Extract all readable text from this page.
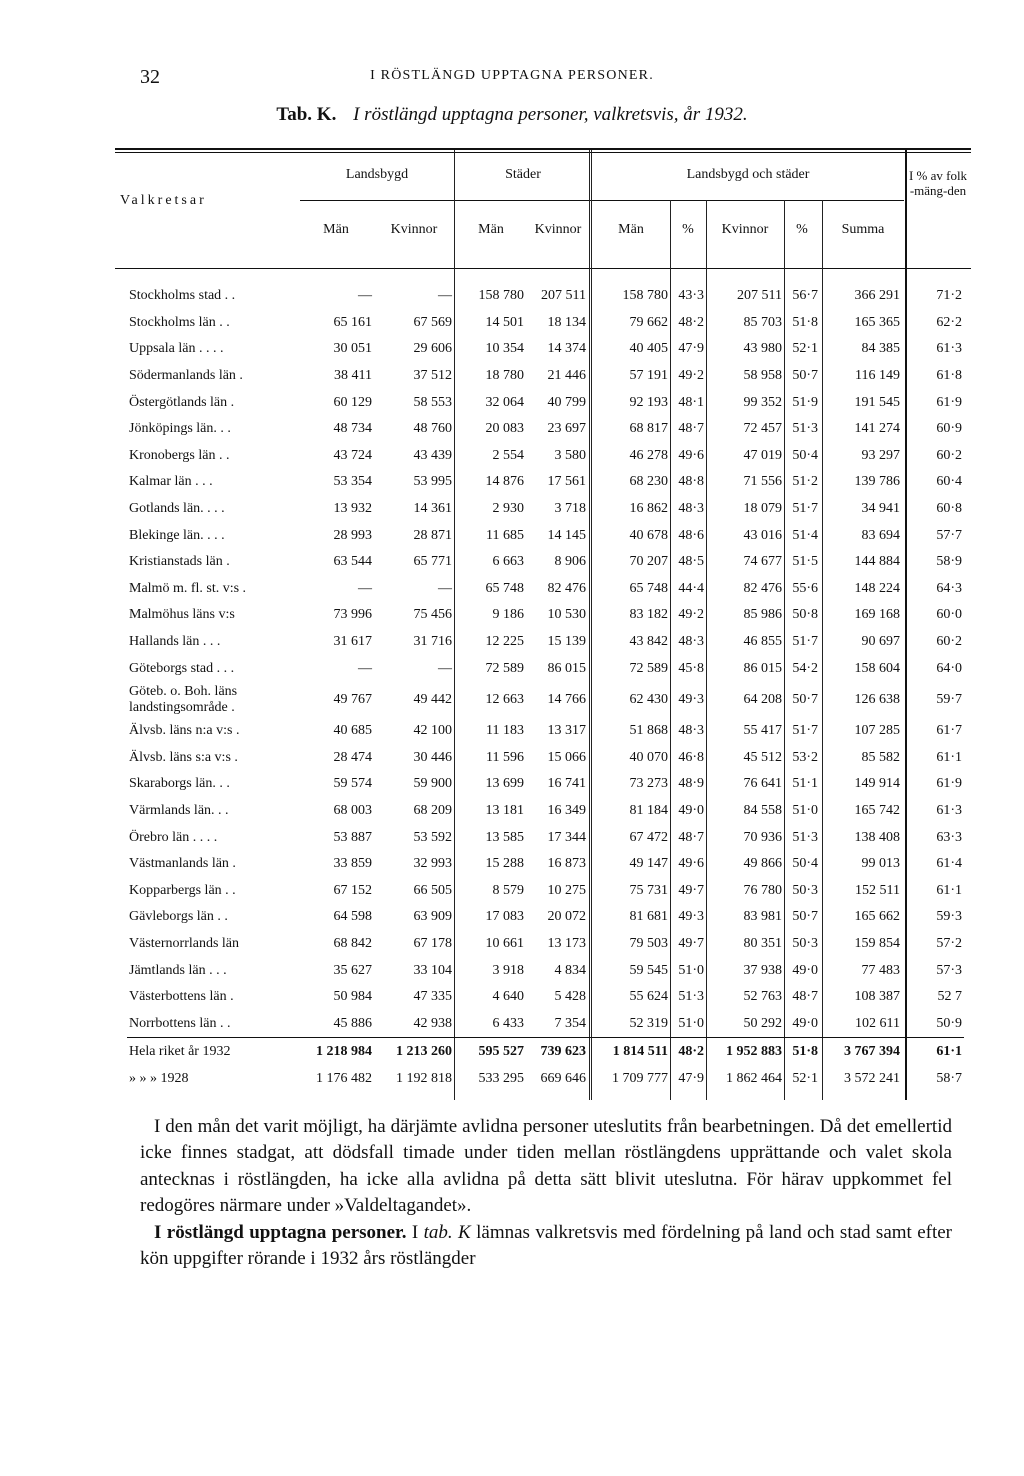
32	I RÖSTLÄNGD UPPTAGNA PERSONER.
Tab. K. I röstlängd upptagna personer, valkretsvis, år 1932.
Valkretsar
Landsbygd	Städer	Landsbygd och städer	I % av folk-mäng-den
Män	Kvinnor	Män	Kvinnor	Män	%	Kvinnor	%	Summa
Stockholms stad . .	—	—	158 780	207 511	158 780	43·3	207 511	56·7	366 291	71·2
Stockholms län . .	65 161	67 569	14 501	18 134	79 662	48·2	85 703	51·8	165 365	62·2
Uppsala län . . . .	30 051	29 606	10 354	14 374	40 405	47·9	43 980	52·1	84 385	61·3
Södermanlands län .	38 411	37 512	18 780	21 446	57 191	49·2	58 958	50·7	116 149	61·8
Östergötlands län .	60 129	58 553	32 064	40 799	92 193	48·1	99 352	51·9	191 545	61·9
Jönköpings län. . .	48 734	48 760	20 083	23 697	68 817	48·7	72 457	51·3	141 274	60·9
Kronobergs län . .	43 724	43 439	2 554	3 580	46 278	49·6	47 019	50·4	93 297	60·2
Kalmar län . . .	53 354	53 995	14 876	17 561	68 230	48·8	71 556	51·2	139 786	60·4
Gotlands län. . . .	13 932	14 361	2 930	3 718	16 862	48·3	18 079	51·7	34 941	60·8
Blekinge län. . . .	28 993	28 871	11 685	14 145	40 678	48·6	43 016	51·4	83 694	57·7
Kristianstads län .	63 544	65 771	6 663	8 906	70 207	48·5	74 677	51·5	144 884	58·9
Malmö m. fl. st. v:s .	—	—	65 748	82 476	65 748	44·4	82 476	55·6	148 224	64·3
Malmöhus läns v:s	73 996	75 456	9 186	10 530	83 182	49·2	85 986	50·8	169 168	60·0
Hallands län . . .	31 617	31 716	12 225	15 139	43 842	48·3	46 855	51·7	90 697	60·2
Göteborgs stad . . .	—	—	72 589	86 015	72 589	45·8	86 015	54·2	158 604	64·0
Göteb. o. Boh. läns landstingsområde .	49 767	49 442	12 663	14 766	62 430	49·3	64 208	50·7	126 638	59·7
Älvsb. läns n:a v:s .	40 685	42 100	11 183	13 317	51 868	48·3	55 417	51·7	107 285	61·7
Älvsb. läns s:a v:s .	28 474	30 446	11 596	15 066	40 070	46·8	45 512	53·2	85 582	61·1
Skaraborgs län. . .	59 574	59 900	13 699	16 741	73 273	48·9	76 641	51·1	149 914	61·9
Värmlands län. . .	68 003	68 209	13 181	16 349	81 184	49·0	84 558	51·0	165 742	61·3
Örebro län . . . .	53 887	53 592	13 585	17 344	67 472	48·7	70 936	51·3	138 408	63·3
Västmanlands län .	33 859	32 993	15 288	16 873	49 147	49·6	49 866	50·4	99 013	61·4
Kopparbergs län . .	67 152	66 505	8 579	10 275	75 731	49·7	76 780	50·3	152 511	61·1
Gävleborgs län . .	64 598	63 909	17 083	20 072	81 681	49·3	83 981	50·7	165 662	59·3
Västernorrlands län	68 842	67 178	10 661	13 173	79 503	49·7	80 351	50·3	159 854	57·2
Jämtlands län . . .	35 627	33 104	3 918	4 834	59 545	51·0	37 938	49·0	77 483	57·3
Västerbottens län .	50 984	47 335	4 640	5 428	55 624	51·3	52 763	48·7	108 387	52 7
Norrbottens län . .	45 886	42 938	6 433	7 354	52 319	51·0	50 292	49·0	102 611	50·9
Hela riket år 1932	1 218 984	1 213 260	595 527	739 623	1 814 511	48·2	1 952 883	51·8	3 767 394	61·1
» » » 1928	1 176 482	1 192 818	533 295	669 646	1 709 777	47·9	1 862 464	52·1	3 572 241	58·7

I den mån det varit möjligt, ha därjämte avlidna personer uteslutits från bearbetningen. Då det emellertid icke finnes stadgat, att dödsfall timade under tiden mellan röstlängdens upprättande och valet skola antecknas i röstlängden, ha icke alla avlidna på detta sätt blivit uteslutna. För härav uppkommet fel redogöres närmare under »Valdeltagandet».

I röstlängd upptagna personer. I tab. K lämnas valkretsvis med fördelning på land och stad samt efter kön uppgifter rörande i 1932 års röstlängder
